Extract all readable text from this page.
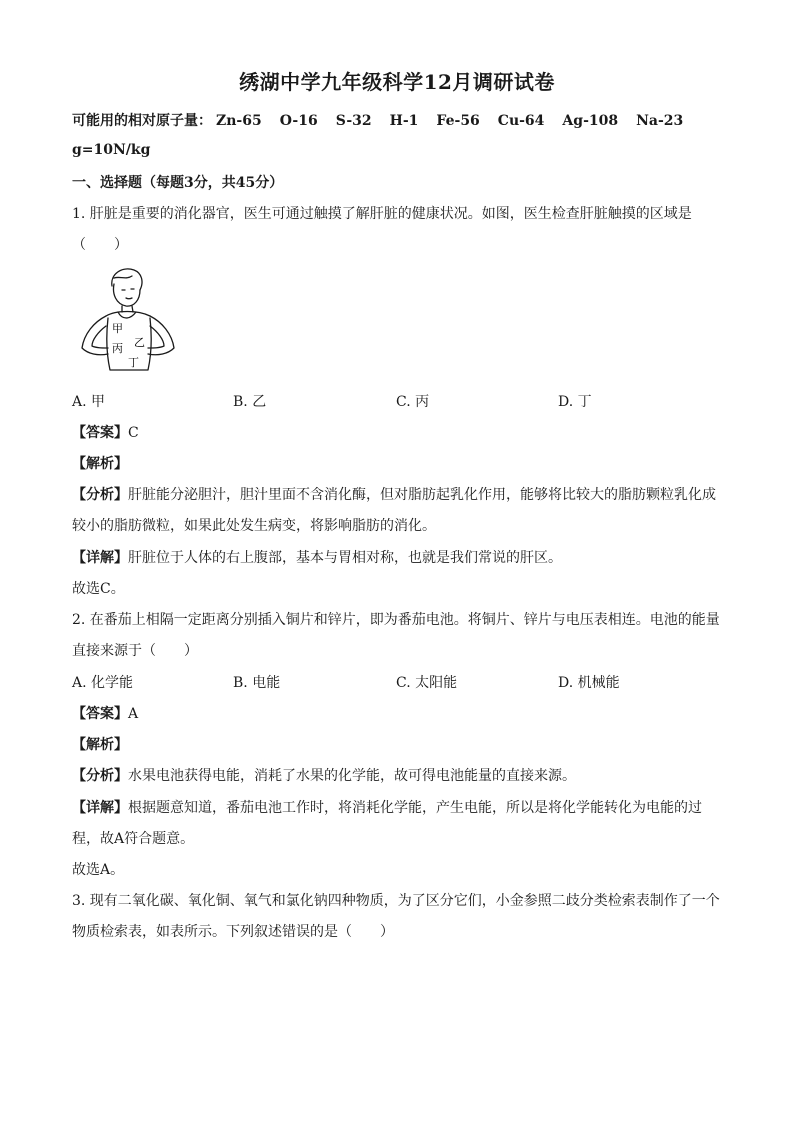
绣湖中学九年级科学12月调研试卷
可能用的相对原子量： Zn-65 O-16 S-32 H-1 Fe-56 Cu-64 Ag-108 Na-23
g=10N/kg
一、选择题（每题3分，共45分）
1. 肝脏是重要的消化器官，医生可通过触摸了解肝脏的健康状况。如图，医生检查肝脏触摸的区域是
（　　）
甲
乙
丙
丁
A. 甲	B. 乙	C. 丙	D. 丁
【答案】C
【解析】
【分析】肝脏能分泌胆汁，胆汁里面不含消化酶，但对脂肪起乳化作用，能够将比较大的脂肪颗粒乳化成
较小的脂肪微粒，如果此处发生病变，将影响脂肪的消化。
【详解】肝脏位于人体的右上腹部，基本与胃相对称，也就是我们常说的肝区。
故选C。
2. 在番茄上相隔一定距离分别插入铜片和锌片，即为番茄电池。将铜片、锌片与电压表相连。电池的能量
直接来源于（　　）
A. 化学能	B. 电能	C. 太阳能	D. 机械能
【答案】A
【解析】
【分析】水果电池获得电能，消耗了水果的化学能，故可得电池能量的直接来源。
【详解】根据题意知道，番茄电池工作时，将消耗化学能，产生电能，所以是将化学能转化为电能的过
程，故A符合题意。
故选A。
3. 现有二氧化碳、氧化铜、氧气和氯化钠四种物质，为了区分它们，小金参照二歧分类检索表制作了一个
物质检索表，如表所示。下列叙述错误的是（　　）
